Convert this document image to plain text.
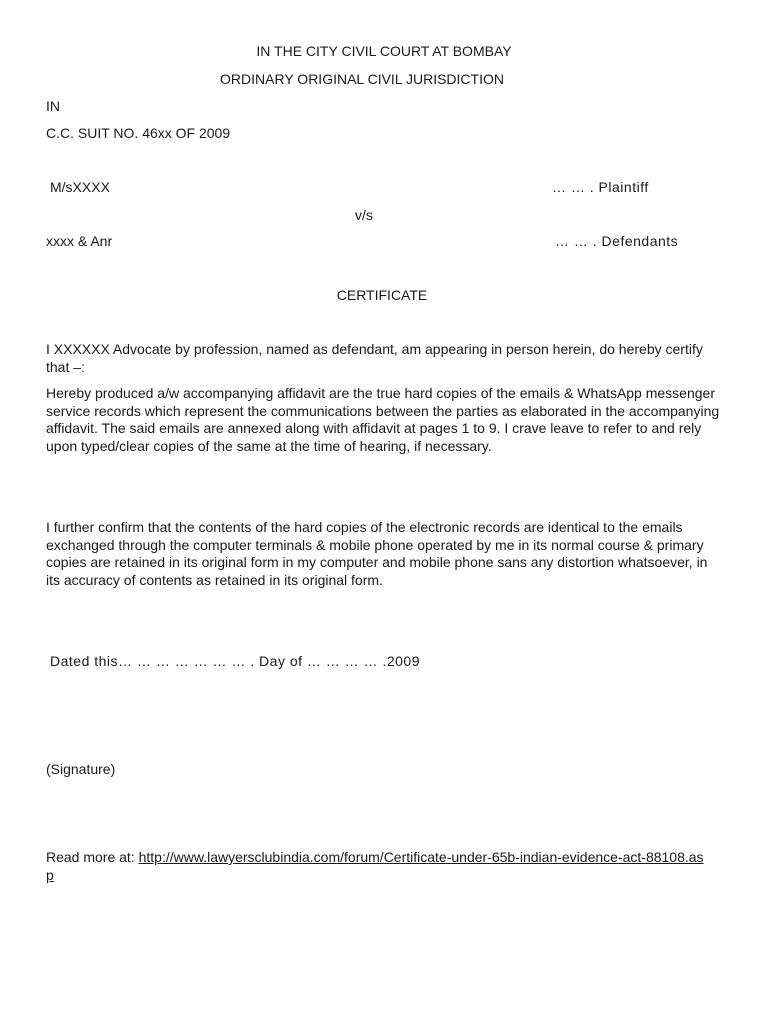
IN THE CITY CIVIL COURT AT BOMBAY
ORDINARY ORIGINAL CIVIL JURISDICTION
IN
C.C. SUIT NO. 46xx OF 2009
M/sXXXX	… … . Plaintiff
v/s
xxxx & Anr	… … . Defendants
CERTIFICATE

I XXXXXX Advocate by profession, named as defendant, am appearing in person herein, do hereby certify that –:

Hereby produced a/w accompanying affidavit are the true hard copies of the emails & WhatsApp messenger service records which represent the communications between the parties as elaborated in the accompanying affidavit. The said emails are annexed along with affidavit at pages 1 to 9. I crave leave to refer to and rely upon typed/clear copies of the same at the time of hearing, if necessary.

I further confirm that the contents of the hard copies of the electronic records are identical to the emails exchanged through the computer terminals & mobile phone operated by me in its normal course & primary copies are retained in its original form in my computer and mobile phone sans any distortion whatsoever, in its accuracy of contents as retained in its original form.

Dated this… … … … … … … . Day of … … … … .2009
(Signature)

Read more at: http://www.lawyersclubindia.com/forum/Certificate-under-65b-indian-evidence-act-88108.asp
